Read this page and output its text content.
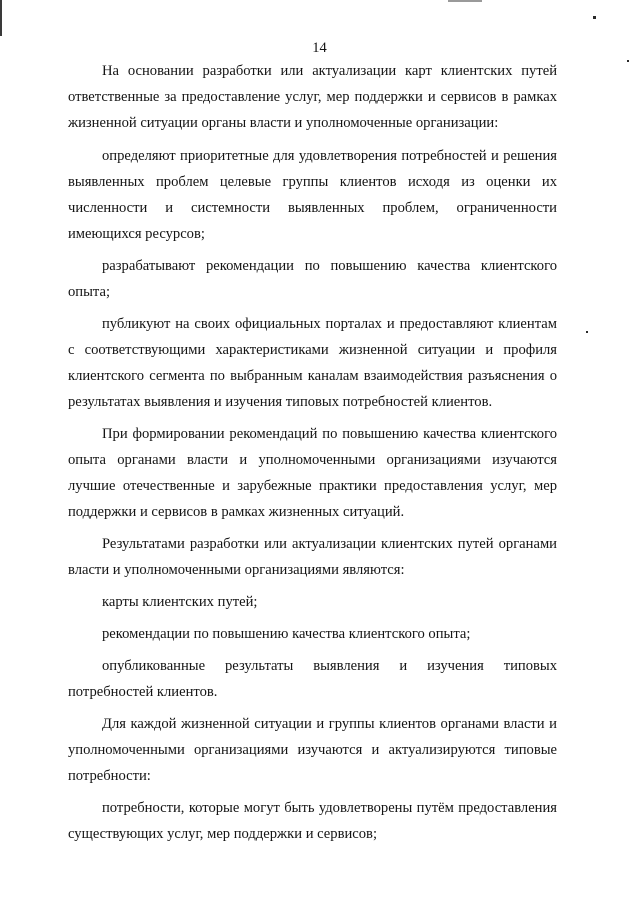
14

На основании разработки или актуализации карт клиентских путей ответственные за предоставление услуг, мер поддержки и сервисов в рамках жизненной ситуации органы власти и уполномоченные организации:

определяют приоритетные для удовлетворения потребностей и решения выявленных проблем целевые группы клиентов исходя из оценки их численности и системности выявленных проблем, ограниченности имеющихся ресурсов;

разрабатывают рекомендации по повышению качества клиентского опыта;

публикуют на своих официальных порталах и предоставляют клиентам с соответствующими характеристиками жизненной ситуации и профиля клиентского сегмента по выбранным каналам взаимодействия разъяснения о результатах выявления и изучения типовых потребностей клиентов.

При формировании рекомендаций по повышению качества клиентского опыта органами власти и уполномоченными организациями изучаются лучшие отечественные и зарубежные практики предоставления услуг, мер поддержки и сервисов в рамках жизненных ситуаций.

Результатами разработки или актуализации клиентских путей органами власти и уполномоченными организациями являются:

карты клиентских путей;

рекомендации по повышению качества клиентского опыта;

опубликованные результаты выявления и изучения типовых потребностей клиентов.

Для каждой жизненной ситуации и группы клиентов органами власти и уполномоченными организациями изучаются и актуализируются типовые потребности:

потребности, которые могут быть удовлетворены путём предоставления существующих услуг, мер поддержки и сервисов;
